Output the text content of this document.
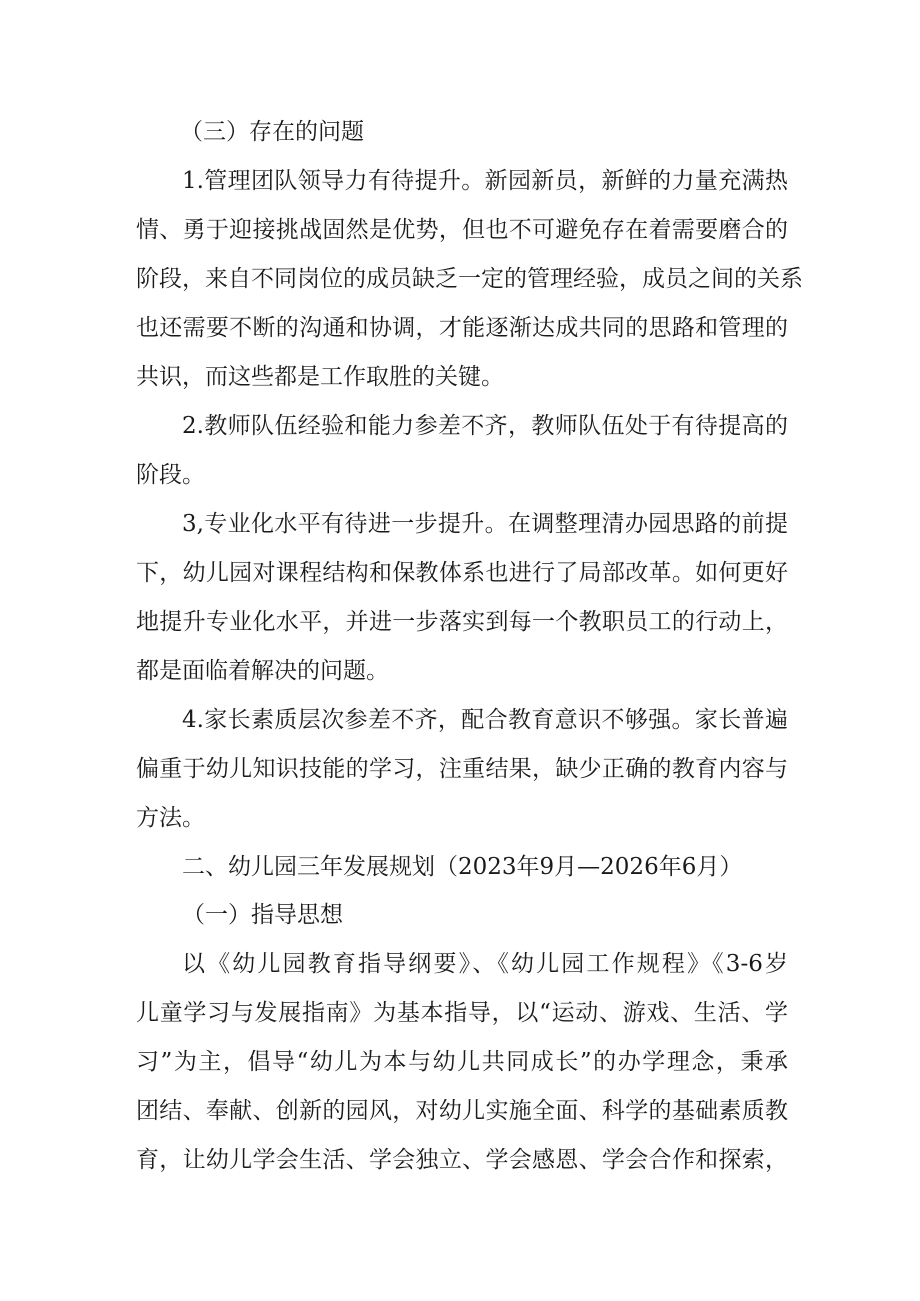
（三）存在的问题
1.管理团队领导力有待提升。新园新员，新鲜的力量充满热
情、勇于迎接挑战固然是优势，但也不可避免存在着需要磨合的
阶段，来自不同岗位的成员缺乏一定的管理经验，成员之间的关系
也还需要不断的沟通和协调，才能逐渐达成共同的思路和管理的
共识，而这些都是工作取胜的关键。
2.教师队伍经验和能力参差不齐，教师队伍处于有待提高的
阶段。
3,专业化水平有待进一步提升。在调整理清办园思路的前提
下，幼儿园对课程结构和保教体系也进行了局部改革。如何更好
地提升专业化水平，并进一步落实到每一个教职员工的行动上，
都是面临着解决的问题。
4.家长素质层次参差不齐，配合教育意识不够强。家长普遍
偏重于幼儿知识技能的学习，注重结果，缺少正确的教育内容与
方法。
二、幼儿园三年发展规划（2023年9月—2026年6月）
（一）指导思想
以《幼儿园教育指导纲要》、《幼儿园工作规程》《3-6岁
儿童学习与发展指南》为基本指导，以“运动、游戏、生活、学
习”为主，倡导“幼儿为本与幼儿共同成长”的办学理念，秉承
团结、奉献、创新的园风，对幼儿实施全面、科学的基础素质教
育，让幼儿学会生活、学会独立、学会感恩、学会合作和探索，
